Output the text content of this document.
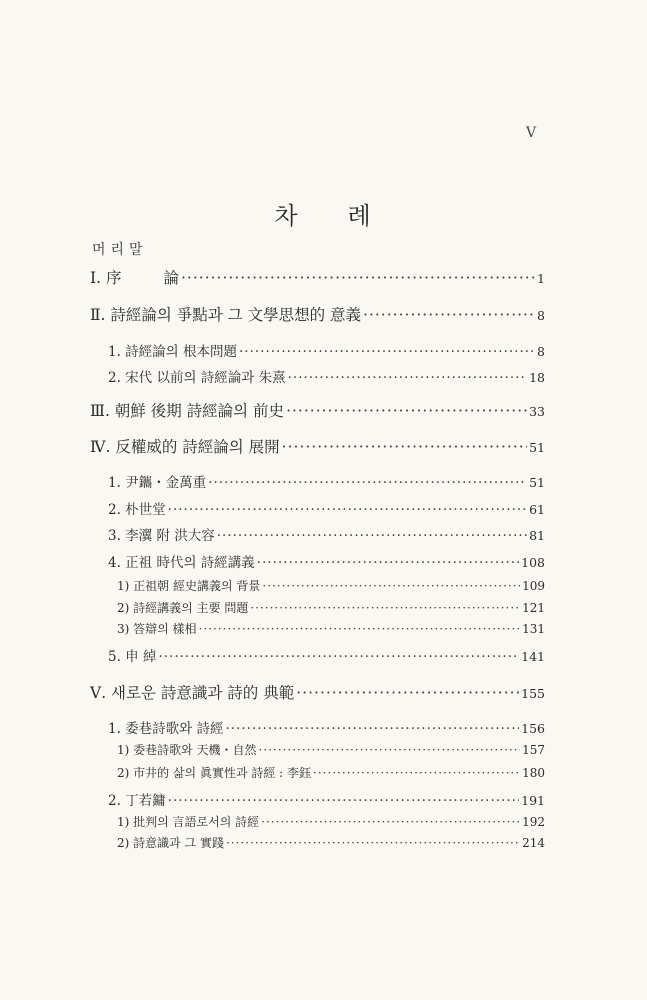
V
차 례
머리말
Ⅰ. 序	論 ·····	1
Ⅱ. 詩經論의 爭點과 그 文學思想的 意義 ·····	8
1. 詩經論의 根本問題 ·····	8
2. 宋代 以前의 詩經論과 朱熹 ·····	18
Ⅲ. 朝鮮 後期 詩經論의 前史 ·····	33
Ⅳ. 反權威的 詩經論의 展開 ·····	51
1. 尹鑴・金萬重 ·····	51
2. 朴世堂 ·····	61
3. 李瀷 附 洪大容 ·····	81
4. 正祖 時代의 詩經講義 ·····	108
1) 正祖朝 經史講義의 背景 ·····	109
2) 詩經講義의 主要 問題 ·····	121
3) 答辯의 樣相 ·····	131
5. 申 綽 ·····	141
Ⅴ. 새로운 詩意識과 詩的 典範 ·····	155
1. 委巷詩歌와 詩經 ·····	156
1) 委巷詩歌와 天機・自然 ·····	157
2) 市井的 삶의 眞實性과 詩經 : 李鈺 ·····	180
2. 丁若鏞 ·····	191
1) 批判의 言語로서의 詩經 ·····	192
2) 詩意識과 그 實踐 ·····	214
